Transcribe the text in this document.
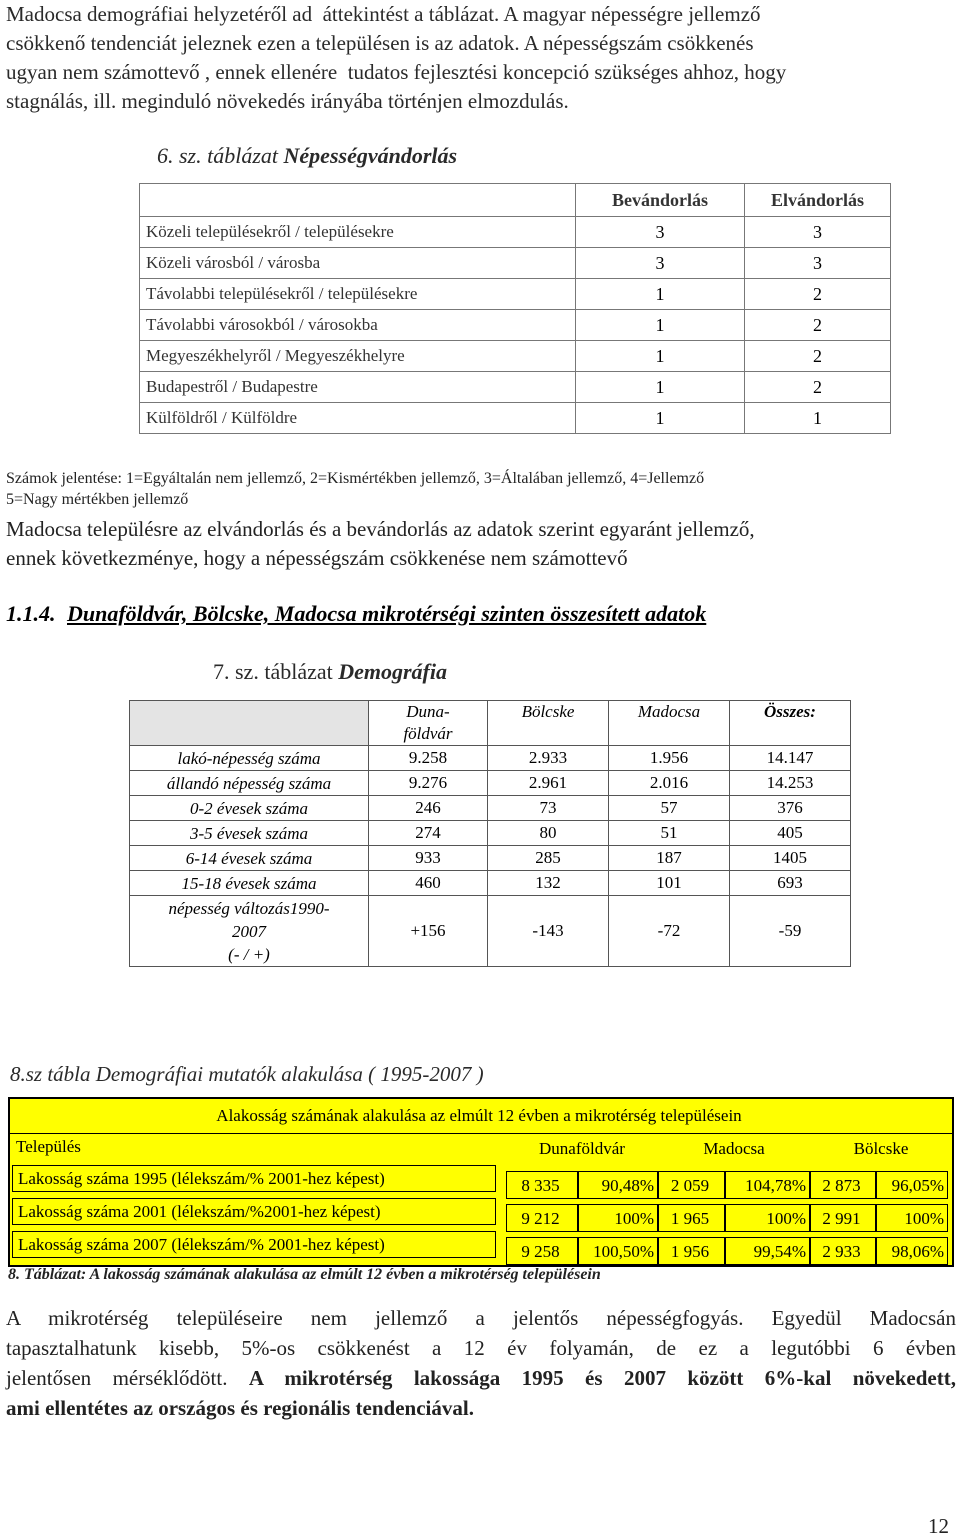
Madocsa demográfiai helyzetéről ad  áttekintést a táblázat. A magyar népességre jellemző
csökkenő tendenciát jeleznek ezen a településen is az adatok. A népességszám csökkenés
ugyan nem számottevő , ennek ellenére  tudatos fejlesztési koncepció szükséges ahhoz, hogy
stagnálás, ill. meginduló növekedés irányába történjen elmozdulás.
6. sz. táblázat Népességvándorlás
	Bevándorlás	Elvándorlás
Közeli településekről / településekre	3	3
Közeli városból / városba	3	3
Távolabbi településekről / településekre	1	2
Távolabbi városokból / városokba	1	2
Megyeszékhelyről / Megyeszékhelyre	1	2
Budapestről / Budapestre	1	2
Külföldről / Külföldre	1	1
Számok jelentése: 1=Egyáltalán nem jellemző, 2=Kismértékben jellemző, 3=Általában jellemző, 4=Jellemző
5=Nagy mértékben jellemző
Madocsa településre az elvándorlás és a bevándorlás az adatok szerint egyaránt jellemző,
ennek következménye, hogy a népességszám csökkenése nem számottevő
1.1.4. Dunaföldvár, Bölcske, Madocsa mikrotérségi szinten összesített adatok
7. sz. táblázat Demográfia
	Duna-
földvár	Bölcske	Madocsa	Összes:
lakó-népesség száma	9.258	2.933	1.956	14.147
állandó népesség száma	9.276	2.961	2.016	14.253
0-2 évesek száma	246	73	57	376
3-5 évesek száma	274	80	51	405
6-14 évesek száma	933	285	187	1405
15-18 évesek száma	460	132	101	693
népesség változás1990-
2007
(- / +)	+156	-143	-72	-59
8.sz tábla Demográfiai mutatók alakulása ( 1995-2007 )
Alakosság számának alakulása az elmúlt 12 évben a mikrotérség településein
Település	Dunaföldvár	Madocsa	Bölcske
Lakosság száma 1995 (lélekszám/% 2001-hez képest)	8 335	90,48% 2 059	104,78% 2 873	96,05%
Lakosság száma 2001 (lélekszám/%2001-hez képest)	9 212	100% 1 965	100% 2 991	100%
Lakosság száma 2007 (lélekszám/% 2001-hez képest)	9 258	100,50% 1 956	99,54% 2 933	98,06%
8. Táblázat: A lakosság számának alakulása az elmúlt 12 évben a mikrotérség településein
A mikrotérség településeire nem jellemző a jelentős népességfogyás. Egyedül Madocsán
tapasztalhatunk kisebb, 5%-os csökkenést a 12 év folyamán, de ez a legutóbbi 6 évben
jelentősen mérséklődött. A mikrotérség lakossága 1995 és 2007 között 6%-kal növekedett,
ami ellentétes az országos és regionális tendenciával.
12
